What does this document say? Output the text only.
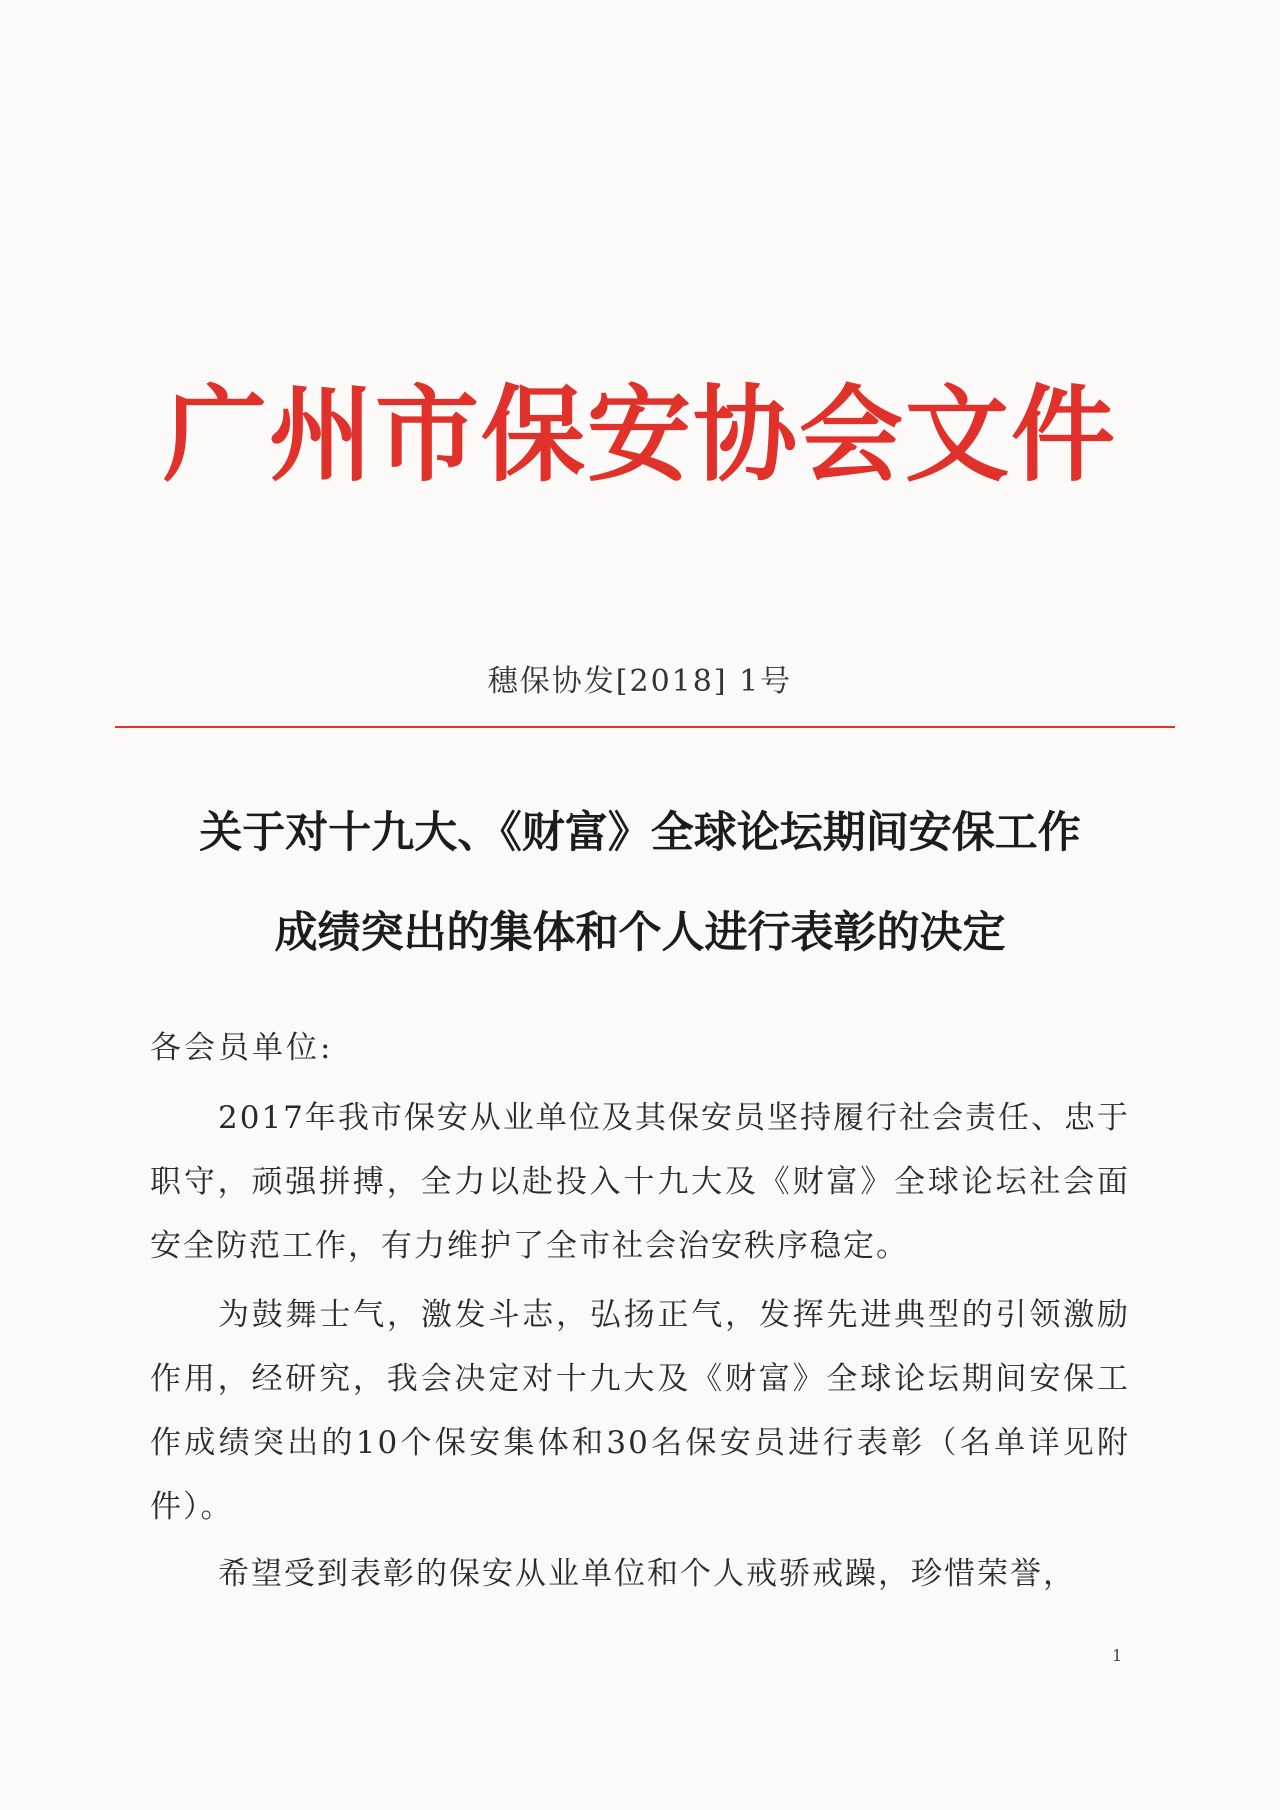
广州市保安协会文件
穗保协发[2018] 1号
关于对十九大、《财富》全球论坛期间安保工作
成绩突出的集体和个人进行表彰的决定
各会员单位:

2017年我市保安从业单位及其保安员坚持履行社会责任、忠于职守，顽强拼搏，全力以赴投入十九大及《财富》全球论坛社会面安全防范工作，有力维护了全市社会治安秩序稳定。

为鼓舞士气，激发斗志，弘扬正气，发挥先进典型的引领激励作用，经研究，我会决定对十九大及《财富》全球论坛期间安保工作成绩突出的10个保安集体和30名保安员进行表彰（名单详见附件）。

希望受到表彰的保安从业单位和个人戒骄戒躁，珍惜荣誉，

1
